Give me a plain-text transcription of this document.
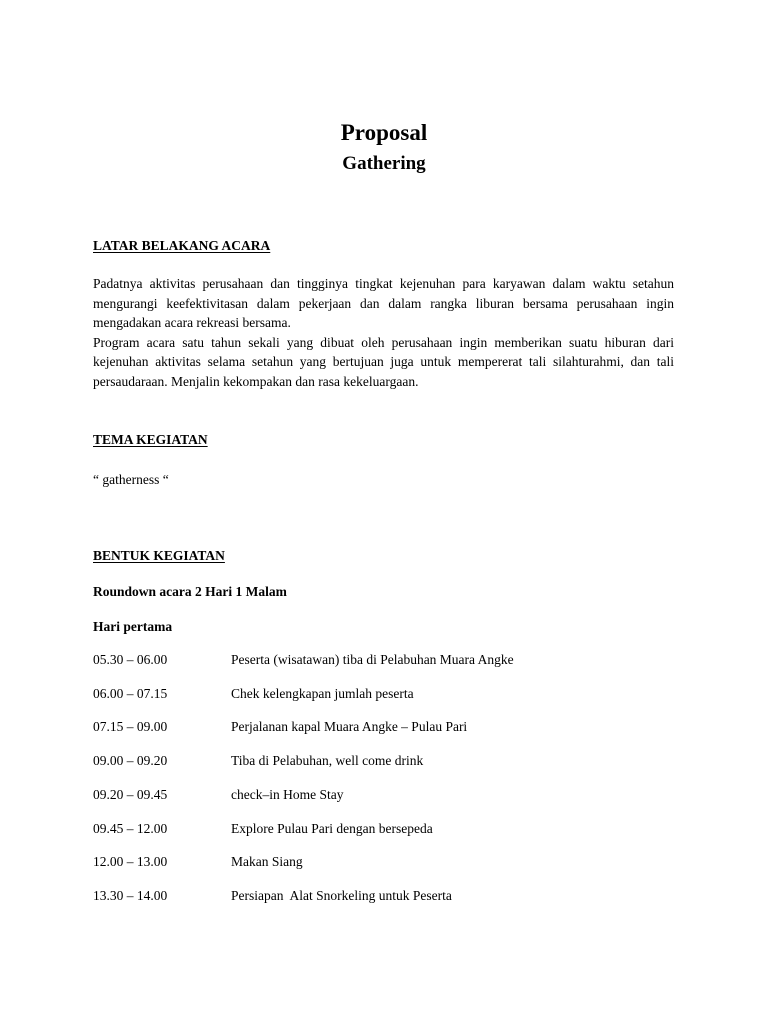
Proposal
Gathering
LATAR BELAKANG ACARA

Padatnya aktivitas perusahaan dan tingginya tingkat kejenuhan para karyawan dalam waktu setahun mengurangi keefektivitasan dalam pekerjaan dan dalam rangka liburan bersama perusahaan ingin mengadakan acara rekreasi bersama.

Program acara satu tahun sekali yang dibuat oleh perusahaan ingin memberikan suatu hiburan dari kejenuhan aktivitas selama setahun yang bertujuan juga untuk mempererat tali silahturahmi, dan tali persaudaraan. Menjalin kekompakan dan rasa kekeluargaan.

TEMA KEGIATAN
“ gatherness “
BENTUK KEGIATAN
Roundown acara 2 Hari 1 Malam
Hari pertama
05.30 – 06.00	Peserta (wisatawan) tiba di Pelabuhan Muara Angke
06.00 – 07.15	Chek kelengkapan jumlah peserta
07.15 – 09.00	Perjalanan kapal Muara Angke – Pulau Pari
09.00 – 09.20	Tiba di Pelabuhan, well come drink
09.20 – 09.45	check–in Home Stay
09.45 – 12.00	Explore Pulau Pari dengan bersepeda
12.00 – 13.00	Makan Siang
13.30 – 14.00	Persiapan  Alat Snorkeling untuk Peserta
